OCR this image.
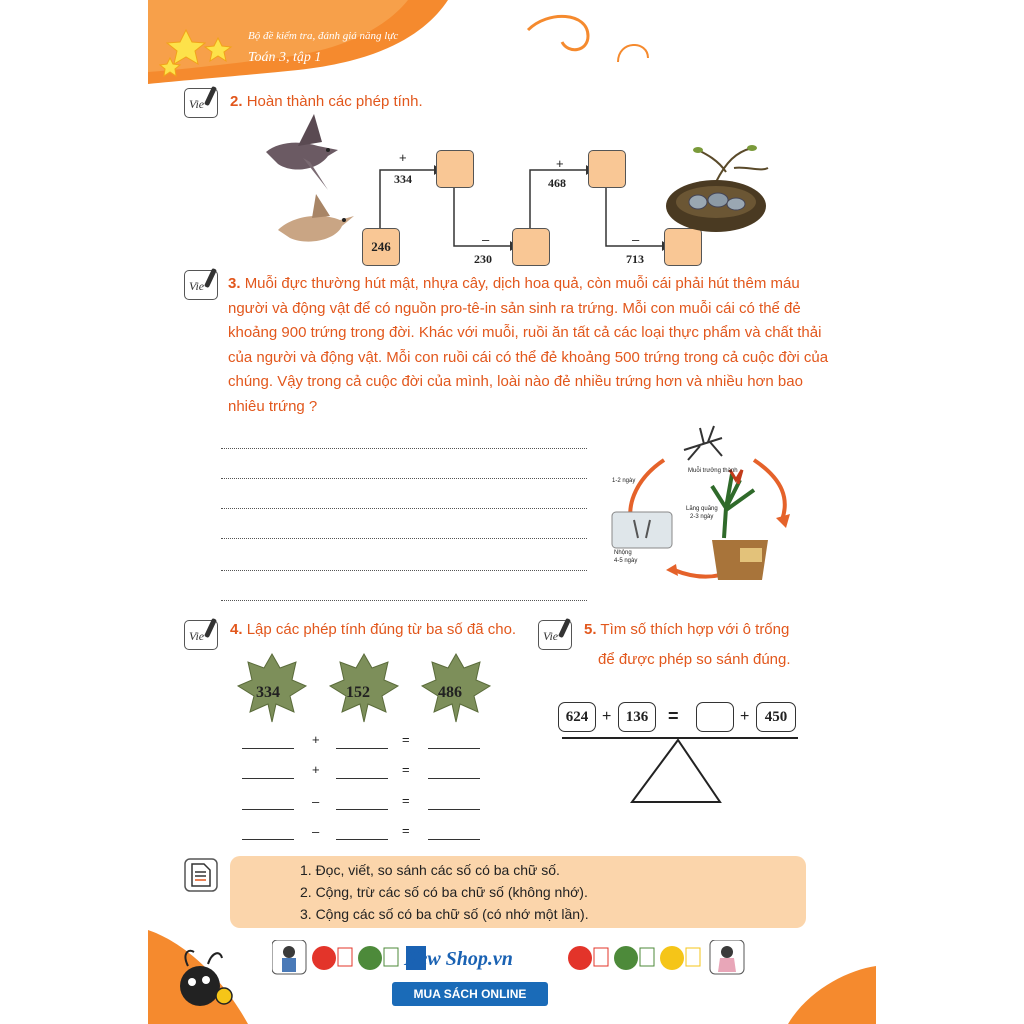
Bộ đề kiểm tra, đánh giá năng lực
Toán 3, tập 1
Vie 2. Hoàn thành các phép tính.
246
+
334
–
230
+
468
–
713
Vie 3. Muỗi đực thường hút mật, nhựa cây, dịch hoa quả, còn muỗi cái phải hút thêm máu người và động vật để có nguồn pro-tê-in sản sinh ra trứng. Mỗi con muỗi cái có thể đẻ khoảng 900 trứng trong đời. Khác với muỗi, ruồi ăn tất cả các loại thực phẩm và chất thải của người và động vật. Mỗi con ruồi cái có thể đẻ khoảng 500 trứng trong cả cuộc đời của chúng. Vậy trong cả cuộc đời của mình, loài nào đẻ nhiều trứng hơn và nhiều hơn bao nhiêu trứng ?
Muỗi trưởng thành
1-2 ngày
Lăng quăng
2-3 ngày
Nhộng
4-5 ngày
Vie 4. Lập các phép tính đúng từ ba số đã cho.
334	152	486
+	=
+	=
–	=
–	=
Vie 5. Tìm số thích hợp với ô trống
để được phép so sánh đúng.
624 + 136	=	+	450
1. Đọc, viết, so sánh các số có ba chữ số.
2. Cộng, trừ các số có ba chữ số (không nhớ).
3. Cộng các số có ba chữ số (có nhớ một lần).
New Shop.vn
MUA SÁCH ONLINE
